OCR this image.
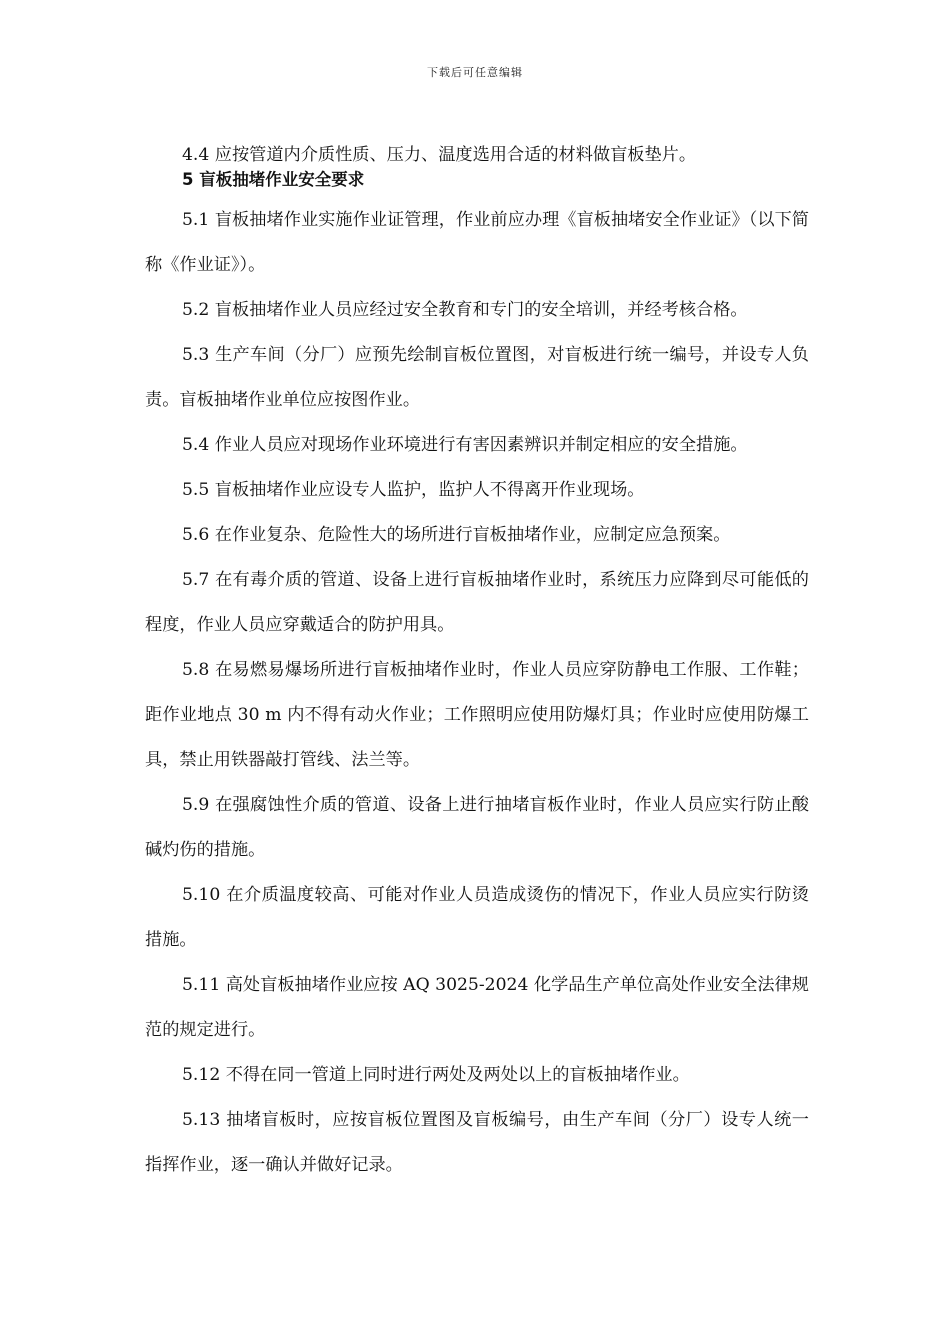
下载后可任意编辑

4.4 应按管道内介质性质、压力、温度选用合适的材料做盲板垫片。

5 盲板抽堵作业安全要求

5.1 盲板抽堵作业实施作业证管理，作业前应办理《盲板抽堵安全作业证》（以下简称《作业证》）。

5.2 盲板抽堵作业人员应经过安全教育和专门的安全培训，并经考核合格。

5.3 生产车间（分厂）应预先绘制盲板位置图，对盲板进行统一编号，并设专人负责。盲板抽堵作业单位应按图作业。

5.4 作业人员应对现场作业环境进行有害因素辨识并制定相应的安全措施。

5.5 盲板抽堵作业应设专人监护，监护人不得离开作业现场。

5.6 在作业复杂、危险性大的场所进行盲板抽堵作业，应制定应急预案。

5.7 在有毒介质的管道、设备上进行盲板抽堵作业时，系统压力应降到尽可能低的程度，作业人员应穿戴适合的防护用具。

5.8 在易燃易爆场所进行盲板抽堵作业时，作业人员应穿防静电工作服、工作鞋；距作业地点 30 m 内不得有动火作业；工作照明应使用防爆灯具；作业时应使用防爆工具，禁止用铁器敲打管线、法兰等。

5.9 在强腐蚀性介质的管道、设备上进行抽堵盲板作业时，作业人员应实行防止酸碱灼伤的措施。

5.10 在介质温度较高、可能对作业人员造成烫伤的情况下，作业人员应实行防烫措施。

5.11 高处盲板抽堵作业应按 AQ 3025-2024 化学品生产单位高处作业安全法律规范的规定进行。

5.12 不得在同一管道上同时进行两处及两处以上的盲板抽堵作业。

5.13 抽堵盲板时，应按盲板位置图及盲板编号，由生产车间（分厂）设专人统一指挥作业，逐一确认并做好记录。
